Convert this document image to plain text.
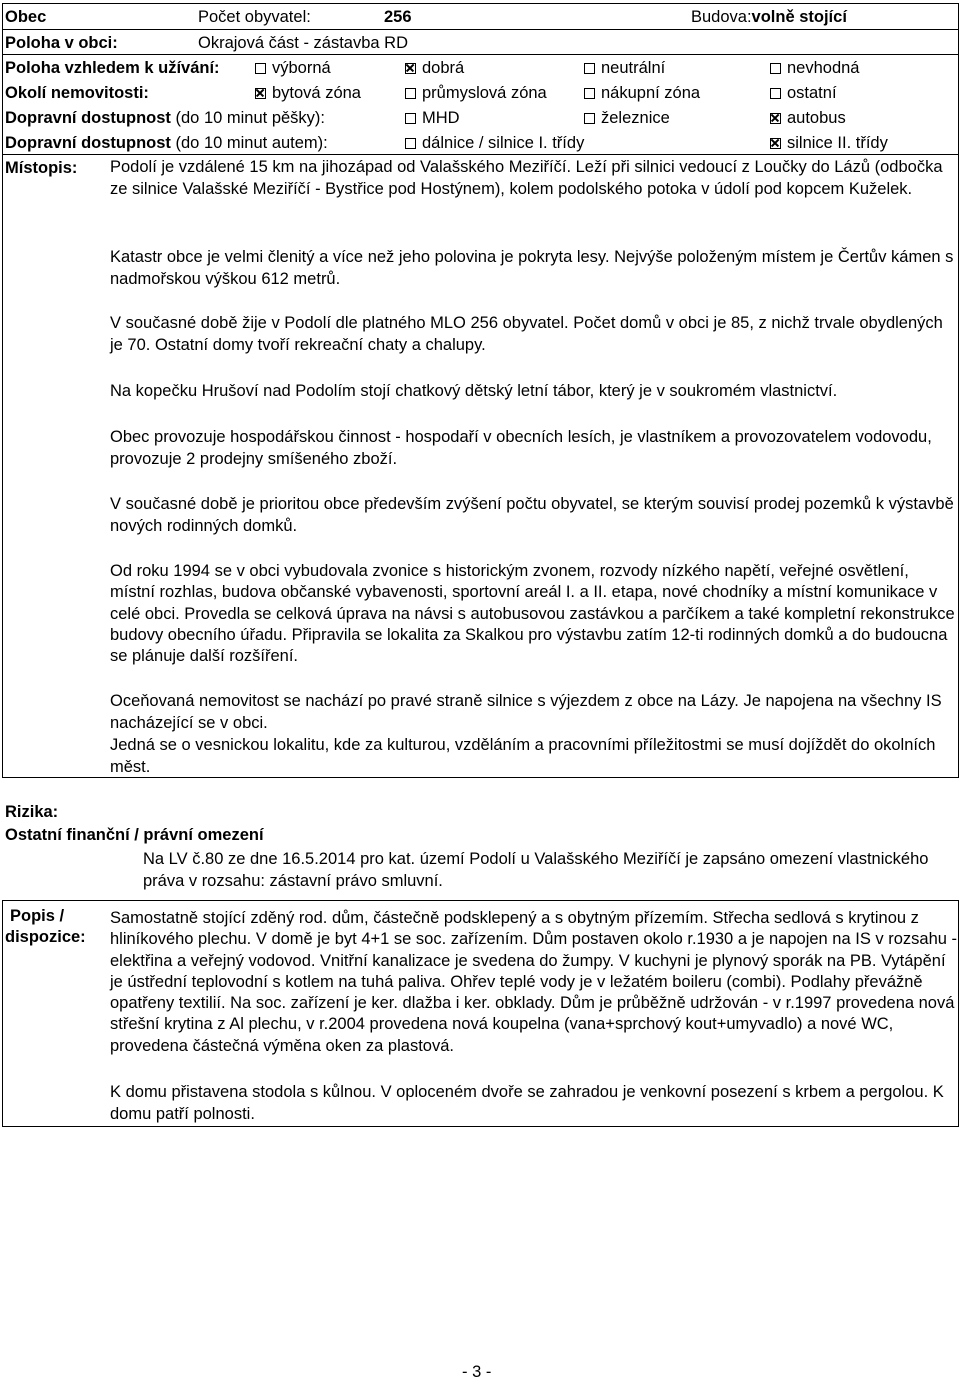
Obec	Počet obyvatel:	256	Budova:volně stojící
Poloha v obci:	Okrajová část - zástavba RD
Poloha vzhledem k užívání:	výborná	dobrá	neutrální	nevhodná
Okolí nemovitosti:	bytová zóna	průmyslová zóna	nákupní zóna	ostatní
Dopravní dostupnost (do 10 minut pěšky):	MHD	železnice	autobus
Dopravní dostupnost (do 10 minut autem):	dálnice / silnice I. třídy	silnice II. třídy
Místopis: Podolí je vzdálené 15 km na jihozápad od Valašského Meziříčí. Leží při silnici vedoucí z Loučky do Lázů (odbočka ze silnice Valašské Meziříčí - Bystřice pod Hostýnem), kolem podolského potoka v údolí pod kopcem Kuželek.
Katastr obce je velmi členitý a více než jeho polovina je pokryta lesy. Nejvýše položeným místem je Čertův kámen s nadmořskou výškou 612 metrů.
V současné době žije v Podolí dle platného MLO 256 obyvatel. Počet domů v obci je 85, z nichž trvale obydlených je 70. Ostatní domy tvoří rekreační chaty a chalupy.
Na kopečku Hrušoví nad Podolím stojí chatkový dětský letní tábor, který je v soukromém vlastnictví.
Obec provozuje hospodářskou činnost - hospodaří v obecních lesích, je vlastníkem a provozovatelem vodovodu, provozuje 2 prodejny smíšeného zboží.
V současné době je prioritou obce především zvýšení počtu obyvatel, se kterým souvisí prodej pozemků k výstavbě nových rodinných domků.
Od roku 1994 se v obci vybudovala zvonice s historickým zvonem, rozvody nízkého napětí, veřejné osvětlení, místní rozhlas, budova občanské vybavenosti, sportovní areál I. a II. etapa, nové chodníky a místní komunikace v celé obci. Provedla se celková úprava na návsi s autobusovou zastávkou a parčíkem a také kompletní rekonstrukce budovy obecního úřadu. Připravila se lokalita za Skalkou pro výstavbu zatím 12-ti rodinných domků a do budoucna se plánuje další rozšíření.
Oceňovaná nemovitost se nachází po pravé straně silnice s výjezdem z obce na Lázy. Je napojena na všechny IS nacházející se v obci.
Jedná se o vesnickou lokalitu, kde za kulturou, vzděláním a pracovními příležitostmi se musí dojíždět do okolních měst.
Rizika:
Ostatní finanční / právní omezení
Na LV č.80 ze dne 16.5.2014 pro kat. území Podolí u Valašského Meziříčí je zapsáno omezení vlastnického práva v rozsahu: zástavní právo smluvní.
Popis /
dispozice:
Samostatně stojící zděný rod. dům, částečně podsklepený a s obytným přízemím. Střecha sedlová s krytinou z hliníkového plechu. V domě je byt 4+1 se soc. zařízením. Dům postaven okolo r.1930 a je napojen na IS v rozsahu - elektřina a veřejný vodovod. Vnitřní kanalizace je svedena do žumpy. V kuchyni je plynový sporák na PB. Vytápění je ústřední teplovodní s kotlem na tuhá paliva. Ohřev teplé vody je v ležatém boileru (combi). Podlahy převážně opatřeny textilií. Na soc. zařízení je ker. dlažba i ker. obklady. Dům je průběžně udržován - v r.1997 provedena nová střešní krytina z Al plechu, v r.2004 provedena nová koupelna (vana+sprchový kout+umyvadlo) a nové WC, provedena částečná výměna oken za plastová.
K domu přistavena stodola s kůlnou. V oploceném dvoře se zahradou je venkovní posezení s krbem a pergolou. K domu patří polnosti.
- 3 -
